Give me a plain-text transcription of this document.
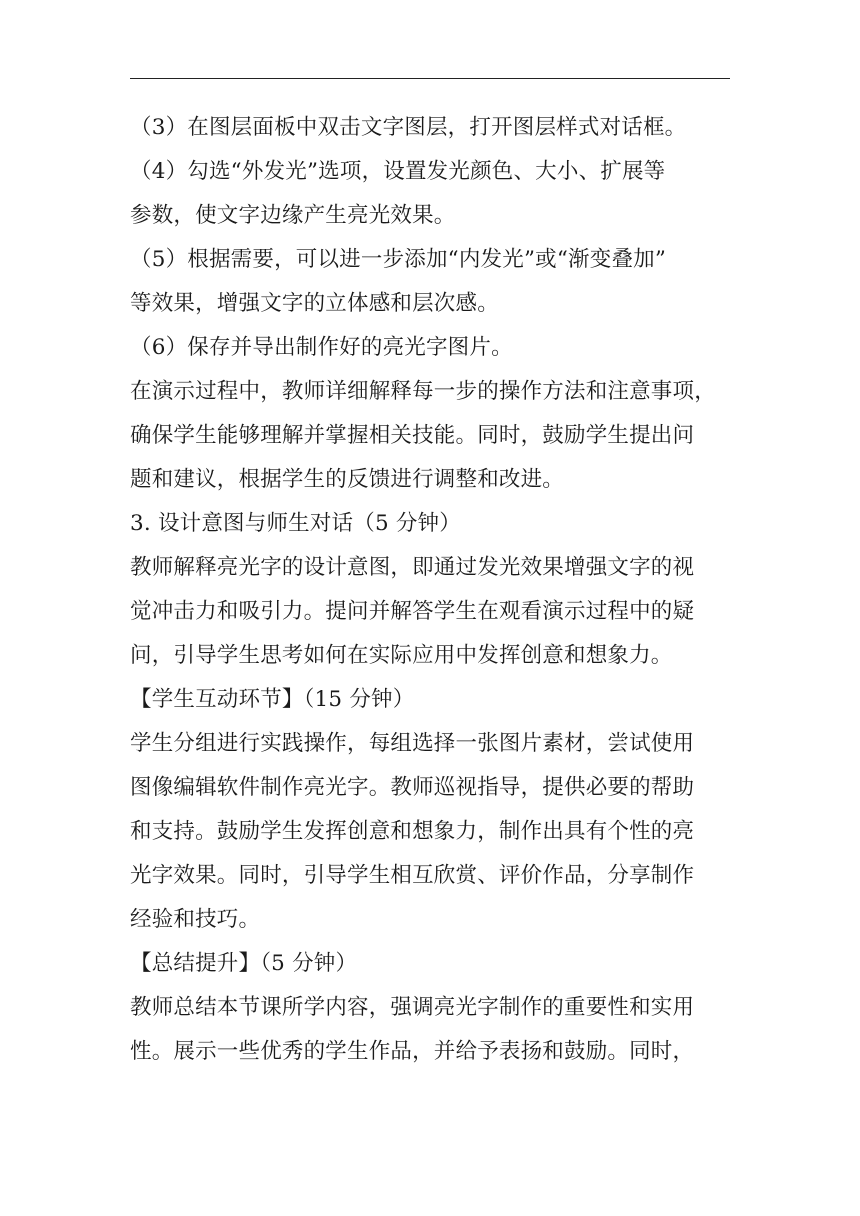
（3）在图层面板中双击文字图层，打开图层样式对话框。
（4）勾选“外发光”选项，设置发光颜色、大小、扩展等
参数，使文字边缘产生亮光效果。
（5）根据需要，可以进一步添加“内发光”或“渐变叠加”
等效果，增强文字的立体感和层次感。
（6）保存并导出制作好的亮光字图片。
在演示过程中，教师详细解释每一步的操作方法和注意事项，
确保学生能够理解并掌握相关技能。同时，鼓励学生提出问
题和建议，根据学生的反馈进行调整和改进。
3. 设计意图与师生对话（5 分钟）
教师解释亮光字的设计意图，即通过发光效果增强文字的视
觉冲击力和吸引力。提问并解答学生在观看演示过程中的疑
问，引导学生思考如何在实际应用中发挥创意和想象力。
【学生互动环节】（15 分钟）
学生分组进行实践操作，每组选择一张图片素材，尝试使用
图像编辑软件制作亮光字。教师巡视指导，提供必要的帮助
和支持。鼓励学生发挥创意和想象力，制作出具有个性的亮
光字效果。同时，引导学生相互欣赏、评价作品，分享制作
经验和技巧。
【总结提升】（5 分钟）
教师总结本节课所学内容，强调亮光字制作的重要性和实用
性。展示一些优秀的学生作品，并给予表扬和鼓励。同时，
